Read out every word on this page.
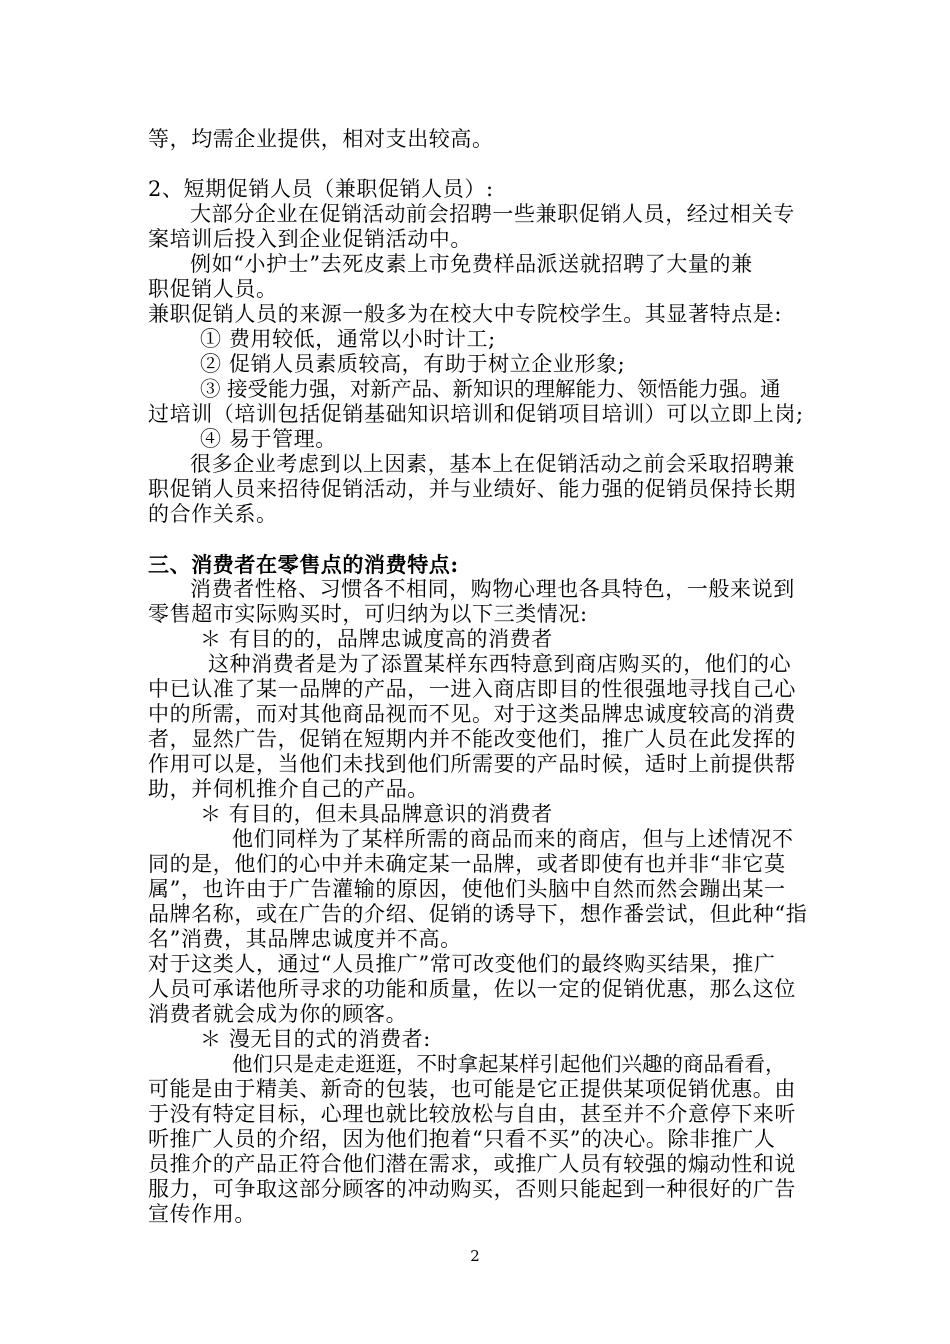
等，均需企业提供，相对支出较高。
2、短期促销人员（兼职促销人员）:
大部分企业在促销活动前会招聘一些兼职促销人员，经过相关专
案培训后投入到企业促销活动中。
例如“小护士”去死皮素上市免费样品派送就招聘了大量的兼
职促销人员。
兼职促销人员的来源一般多为在校大中专院校学生。其显著特点是:
① 费用较低，通常以小时计工;
② 促销人员素质较高，有助于树立企业形象;
③ 接受能力强，对新产品、新知识的理解能力、领悟能力强。通
过培训（培训包括促销基础知识培训和促销项目培训）可以立即上岗;
④ 易于管理。
很多企业考虑到以上因素，基本上在促销活动之前会采取招聘兼
职促销人员来招待促销活动，并与业绩好、能力强的促销员保持长期
的合作关系。
三、消费者在零售点的消费特点:
消费者性格、习惯各不相同，购物心理也各具特色，一般来说到
零售超市实际购买时，可归纳为以下三类情况:
＊ 有目的的，品牌忠诚度高的消费者
这种消费者是为了添置某样东西特意到商店购买的，他们的心
中已认准了某一品牌的产品，一进入商店即目的性很强地寻找自己心
中的所需，而对其他商品视而不见。对于这类品牌忠诚度较高的消费
者，显然广告，促销在短期内并不能改变他们，推广人员在此发挥的
作用可以是，当他们未找到他们所需要的产品时候，适时上前提供帮
助，并伺机推介自己的产品。
＊ 有目的，但未具品牌意识的消费者
他们同样为了某样所需的商品而来的商店，但与上述情况不
同的是，他们的心中并未确定某一品牌，或者即使有也并非“非它莫
属”，也许由于广告灌输的原因，使他们头脑中自然而然会蹦出某一
品牌名称，或在广告的介绍、促销的诱导下，想作番尝试，但此种“指
名”消费，其品牌忠诚度并不高。
对于这类人，通过“人员推广”常可改变他们的最终购买结果，推广
人员可承诺他所寻求的功能和质量，佐以一定的促销优惠，那么这位
消费者就会成为你的顾客。
＊ 漫无目的式的消费者:
他们只是走走逛逛，不时拿起某样引起他们兴趣的商品看看，
可能是由于精美、新奇的包装，也可能是它正提供某项促销优惠。由
于没有特定目标，心理也就比较放松与自由，甚至并不介意停下来听
听推广人员的介绍，因为他们抱着“只看不买”的决心。除非推广人
员推介的产品正符合他们潜在需求，或推广人员有较强的煽动性和说
服力，可争取这部分顾客的冲动购买，否则只能起到一种很好的广告
宣传作用。
2
